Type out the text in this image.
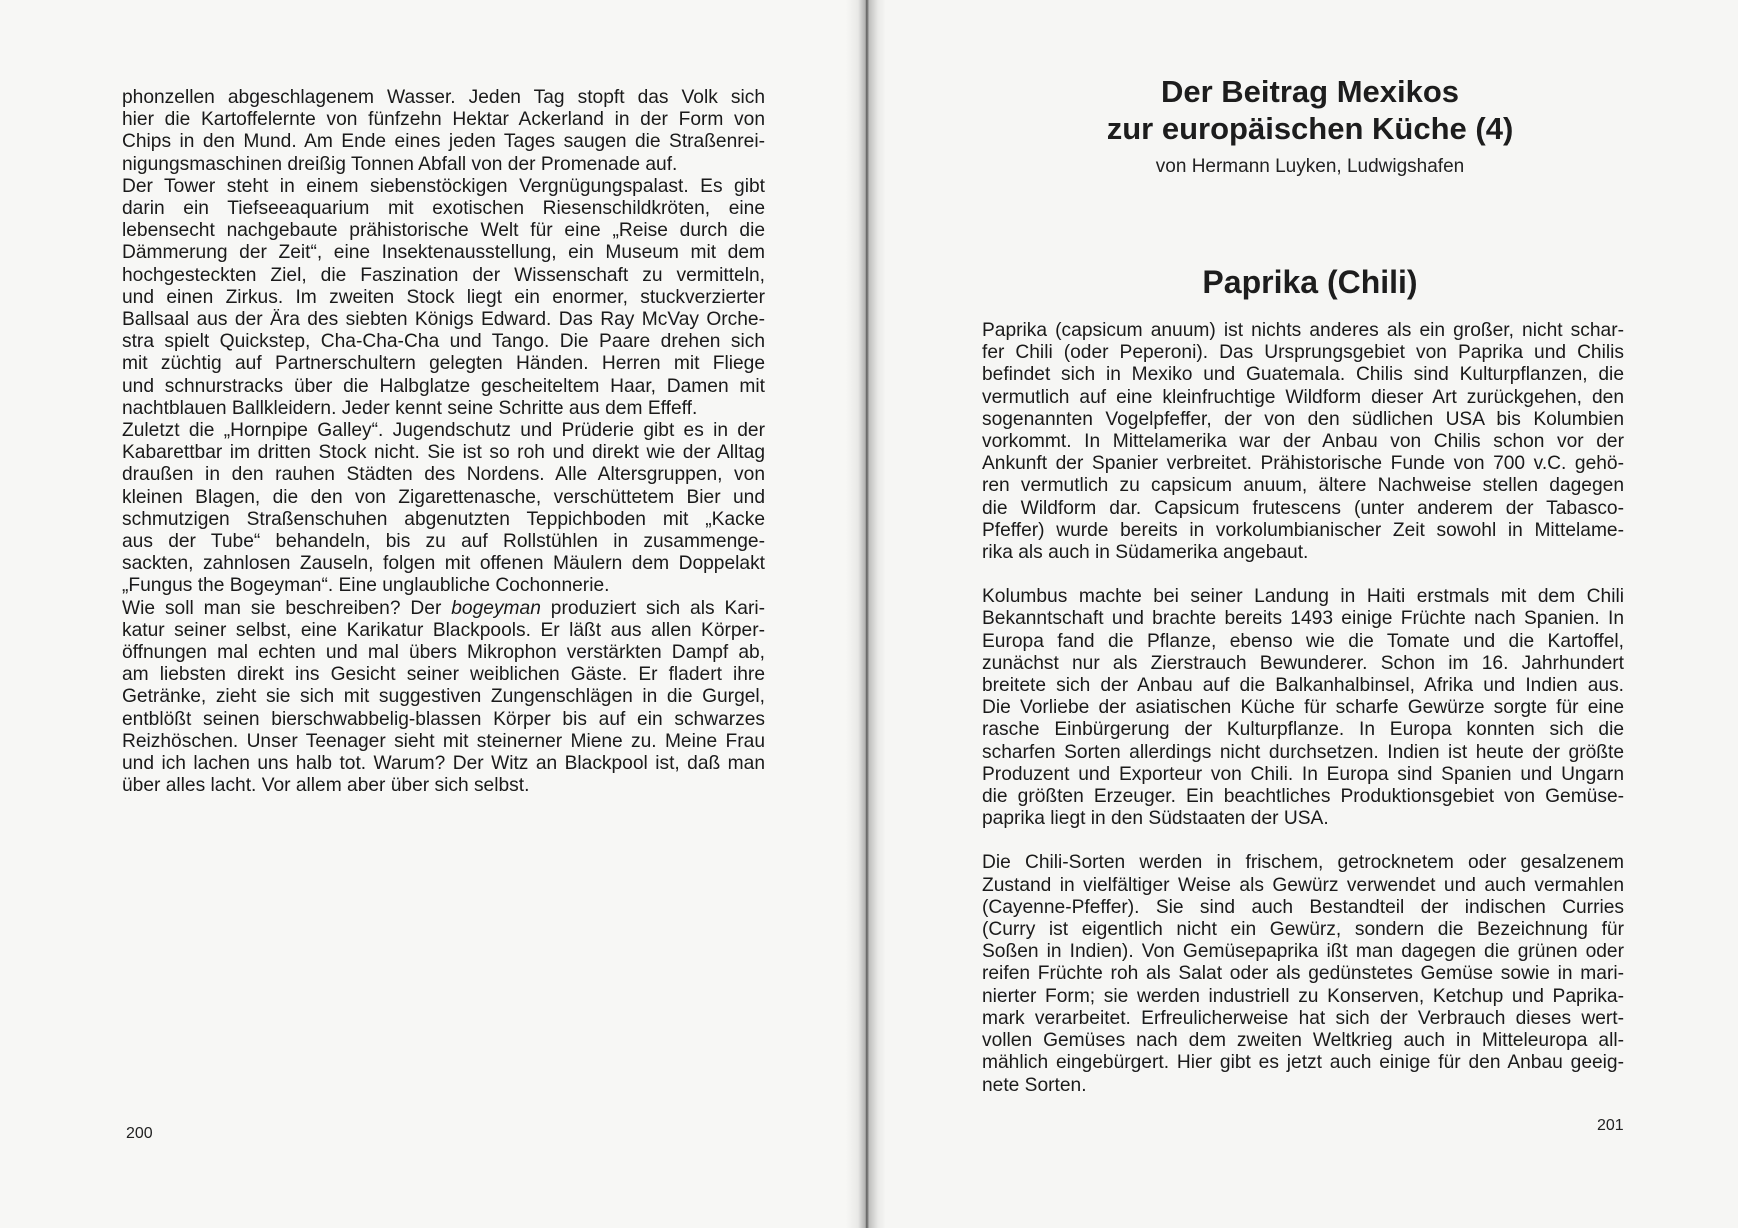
phonzellen abgeschlagenem Wasser. Jeden Tag stopft das Volk sich
hier die Kartoffelernte von fünfzehn Hektar Ackerland in der Form von
Chips in den Mund. Am Ende eines jeden Tages saugen die Straßenrei-
nigungsmaschinen dreißig Tonnen Abfall von der Promenade auf.
Der Tower steht in einem siebenstöckigen Vergnügungspalast. Es gibt
darin ein Tiefseeaquarium mit exotischen Riesenschildkröten, eine
lebensecht nachgebaute prähistorische Welt für eine „Reise durch die
Dämmerung der Zeit“, eine Insektenausstellung, ein Museum mit dem
hochgesteckten Ziel, die Faszination der Wissenschaft zu vermitteln,
und einen Zirkus. Im zweiten Stock liegt ein enormer, stuckverzierter
Ballsaal aus der Ära des siebten Königs Edward. Das Ray McVay Orche-
stra spielt Quickstep, Cha-Cha-Cha und Tango. Die Paare drehen sich
mit züchtig auf Partnerschultern gelegten Händen. Herren mit Fliege
und schnurstracks über die Halbglatze gescheiteltem Haar, Damen mit
nachtblauen Ballkleidern. Jeder kennt seine Schritte aus dem Effeff.
Zuletzt die „Hornpipe Galley“. Jugendschutz und Prüderie gibt es in der
Kabarettbar im dritten Stock nicht. Sie ist so roh und direkt wie der Alltag
draußen in den rauhen Städten des Nordens. Alle Altersgruppen, von
kleinen Blagen, die den von Zigarettenasche, verschüttetem Bier und
schmutzigen Straßenschuhen abgenutzten Teppichboden mit „Kacke
aus der Tube“ behandeln, bis zu auf Rollstühlen in zusammenge-
sackten, zahnlosen Zauseln, folgen mit offenen Mäulern dem Doppelakt
„Fungus the Bogeyman“. Eine unglaubliche Cochonnerie.
Wie soll man sie beschreiben? Der bogeyman produziert sich als Kari-
katur seiner selbst, eine Karikatur Blackpools. Er läßt aus allen Körper-
öffnungen mal echten und mal übers Mikrophon verstärkten Dampf ab,
am liebsten direkt ins Gesicht seiner weiblichen Gäste. Er fladert ihre
Getränke, zieht sie sich mit suggestiven Zungenschlägen in die Gurgel,
entblößt seinen bierschwabbelig-blassen Körper bis auf ein schwarzes
Reizhöschen. Unser Teenager sieht mit steinerner Miene zu. Meine Frau
und ich lachen uns halb tot. Warum? Der Witz an Blackpool ist, daß man
über alles lacht. Vor allem aber über sich selbst.
200
Der Beitrag Mexikos
zur europäischen Küche (4)
von Hermann Luyken, Ludwigshafen
Paprika (Chili)
Paprika (capsicum anuum) ist nichts anderes als ein großer, nicht schar-
fer Chili (oder Peperoni). Das Ursprungsgebiet von Paprika und Chilis
befindet sich in Mexiko und Guatemala. Chilis sind Kulturpflanzen, die
vermutlich auf eine kleinfruchtige Wildform dieser Art zurückgehen, den
sogenannten Vogelpfeffer, der von den südlichen USA bis Kolumbien
vorkommt. In Mittelamerika war der Anbau von Chilis schon vor der
Ankunft der Spanier verbreitet. Prähistorische Funde von 700 v.C. gehö-
ren vermutlich zu capsicum anuum, ältere Nachweise stellen dagegen
die Wildform dar. Capsicum frutescens (unter anderem der Tabasco-
Pfeffer) wurde bereits in vorkolumbianischer Zeit sowohl in Mittelame-
rika als auch in Südamerika angebaut.
Kolumbus machte bei seiner Landung in Haiti erstmals mit dem Chili
Bekanntschaft und brachte bereits 1493 einige Früchte nach Spanien. In
Europa fand die Pflanze, ebenso wie die Tomate und die Kartoffel,
zunächst nur als Zierstrauch Bewunderer. Schon im 16. Jahrhundert
breitete sich der Anbau auf die Balkanhalbinsel, Afrika und Indien aus.
Die Vorliebe der asiatischen Küche für scharfe Gewürze sorgte für eine
rasche Einbürgerung der Kulturpflanze. In Europa konnten sich die
scharfen Sorten allerdings nicht durchsetzen. Indien ist heute der größte
Produzent und Exporteur von Chili. In Europa sind Spanien und Ungarn
die größten Erzeuger. Ein beachtliches Produktionsgebiet von Gemüse-
paprika liegt in den Südstaaten der USA.
Die Chili-Sorten werden in frischem, getrocknetem oder gesalzenem
Zustand in vielfältiger Weise als Gewürz verwendet und auch vermahlen
(Cayenne-Pfeffer). Sie sind auch Bestandteil der indischen Curries
(Curry ist eigentlich nicht ein Gewürz, sondern die Bezeichnung für
Soßen in Indien). Von Gemüsepaprika ißt man dagegen die grünen oder
reifen Früchte roh als Salat oder als gedünstetes Gemüse sowie in mari-
nierter Form; sie werden industriell zu Konserven, Ketchup und Paprika-
mark verarbeitet. Erfreulicherweise hat sich der Verbrauch dieses wert-
vollen Gemüses nach dem zweiten Weltkrieg auch in Mitteleuropa all-
mählich eingebürgert. Hier gibt es jetzt auch einige für den Anbau geeig-
nete Sorten.
201
